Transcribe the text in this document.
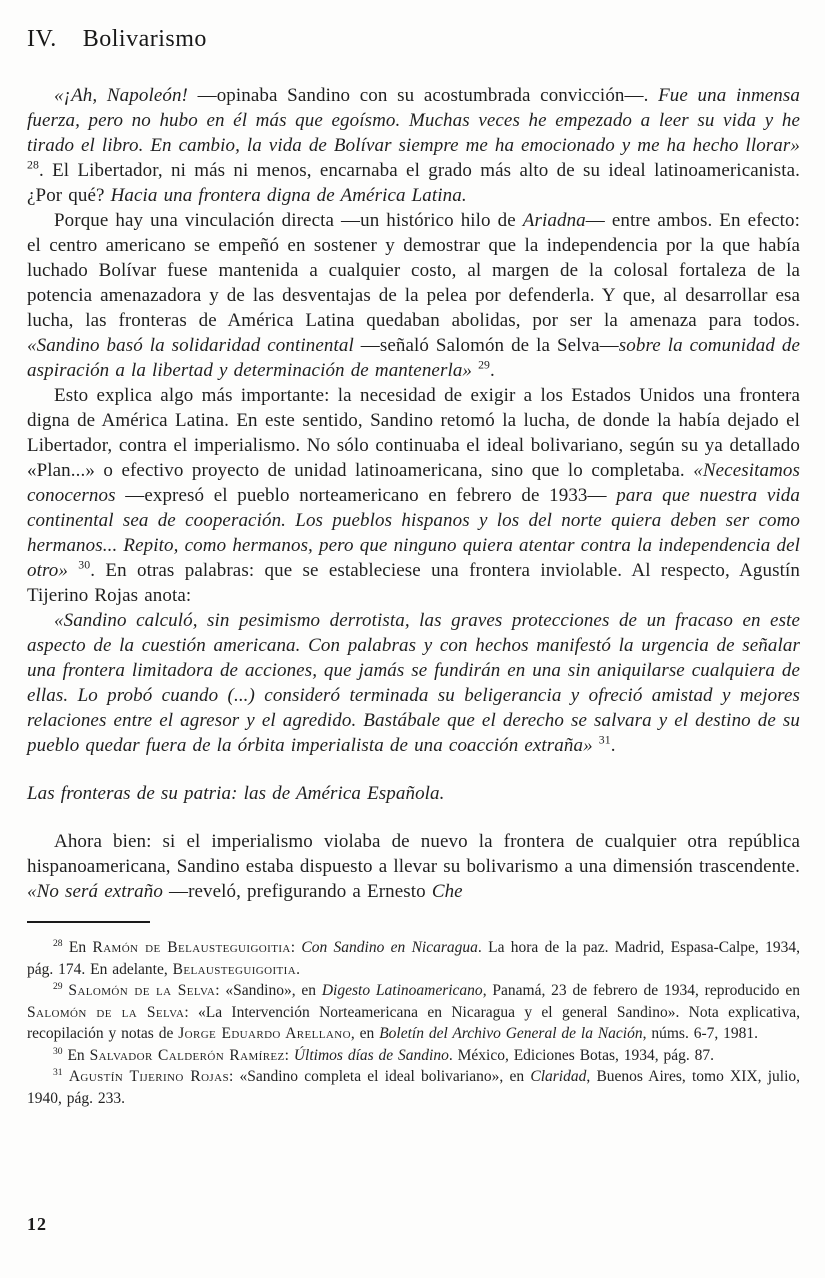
IV. Bolivarismo

«¡Ah, Napoleón! —opinaba Sandino con su acostumbrada convicción—. Fue una inmensa fuerza, pero no hubo en él más que egoísmo. Muchas veces he empezado a leer su vida y he tirado el libro. En cambio, la vida de Bolívar siempre me ha emocionado y me ha hecho llorar» $^{28}$. El Libertador, ni más ni menos, encarnaba el grado más alto de su ideal latinoamericanista. ¿Por qué? Hacia una frontera digna de América Latina.

Porque hay una vinculación directa —un histórico hilo de Ariadna— entre ambos. En efecto: el centro americano se empeñó en sostener y demostrar que la independencia por la que había luchado Bolívar fuese mantenida a cualquier costo, al margen de la colosal fortaleza de la potencia amenazadora y de las desventajas de la pelea por defenderla. Y que, al desarrollar esa lucha, las fronteras de América Latina quedaban abolidas, por ser la amenaza para todos. «Sandino basó la solidaridad continental —señaló Salomón de la Selva—sobre la comunidad de aspiración a la libertad y determinación de mantenerla» $^{29}$.

Esto explica algo más importante: la necesidad de exigir a los Estados Unidos una frontera digna de América Latina. En este sentido, Sandino retomó la lucha, de donde la había dejado el Libertador, contra el imperialismo. No sólo continuaba el ideal bolivariano, según su ya detallado «Plan...» o efectivo proyecto de unidad latinoamericana, sino que lo completaba. «Necesitamos conocernos —expresó el pueblo norteamericano en febrero de 1933— para que nuestra vida continental sea de cooperación. Los pueblos hispanos y los del norte quiera deben ser como hermanos... Repito, como hermanos, pero que ninguno quiera atentar contra la independencia del otro» $^{30}$. En otras palabras: que se estableciese una frontera inviolable. Al respecto, Agustín Tijerino Rojas anota:

«Sandino calculó, sin pesimismo derrotista, las graves protecciones de un fracaso en este aspecto de la cuestión americana. Con palabras y con hechos manifestó la urgencia de señalar una frontera limitadora de acciones, que jamás se fundirán en una sin aniquilarse cualquiera de ellas. Lo probó cuando (...) consideró terminada su beligerancia y ofreció amistad y mejores relaciones entre el agresor y el agredido. Bastábale que el derecho se salvara y el destino de su pueblo quedar fuera de la órbita imperialista de una coacción extraña» $^{31}$.

Las fronteras de su patria: las de América Española.

Ahora bien: si el imperialismo violaba de nuevo la frontera de cualquier otra república hispanoamericana, Sandino estaba dispuesto a llevar su bolivarismo a una dimensión trascendente. «No será extraño —reveló, prefigurando a Ernesto Che

$^{28}$ En Ramón de Belausteguigoitia: Con Sandino en Nicaragua. La hora de la paz. Madrid, Espasa-Calpe, 1934, pág. 174. En adelante, Belausteguigoitia.

$^{29}$ Salomón de la Selva: «Sandino», en Digesto Latinoamericano, Panamá, 23 de febrero de 1934, reproducido en Salomón de la Selva: «La Intervención Norteamericana en Nicaragua y el general Sandino». Nota explicativa, recopilación y notas de Jorge Eduardo Arellano, en Boletín del Archivo General de la Nación, núms. 6-7, 1981.

$^{30}$ En Salvador Calderón Ramírez: Últimos días de Sandino. México, Ediciones Botas, 1934, pág. 87.

$^{31}$ Agustín Tijerino Rojas: «Sandino completa el ideal bolivariano», en Claridad, Buenos Aires, tomo XIX, julio, 1940, pág. 233.

12
